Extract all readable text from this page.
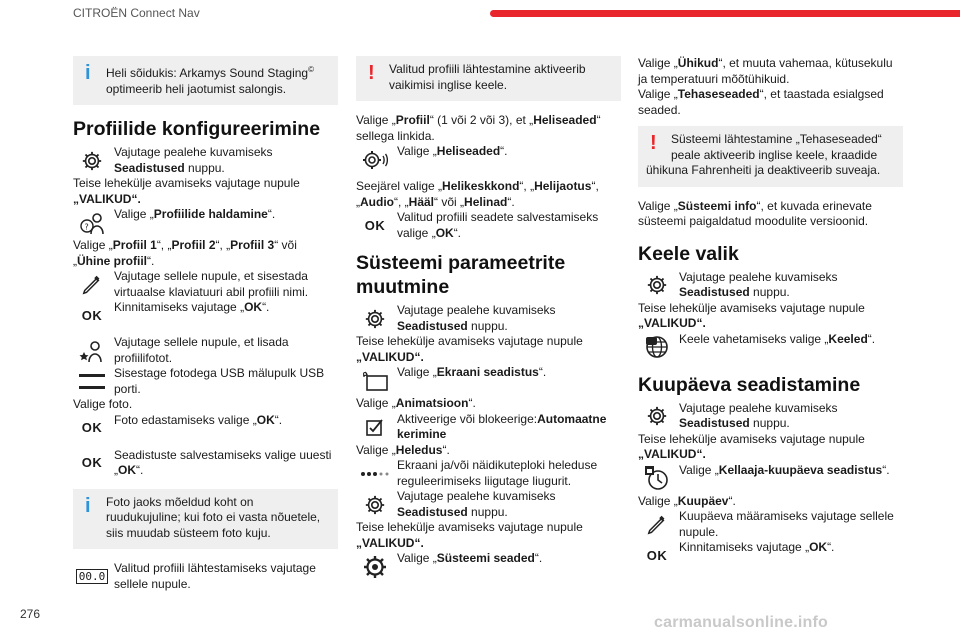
CITROËN Connect Nav
i Heli sõidukis: Arkamys Sound Staging©
optimeerib heli jaotumist salongis.

Profiilide konfigureerimine

Vajutage pealehe kuvamiseks
Seadistused nuppu.

Teise lehekülje avamiseks vajutage nupule
„VALIKUD“.

?

Valige „Profiilide haldamine“.

Valige „Profiil 1“, „Profiil 2“, „Profiil 3“ või
„Ühine profiil“.

Vajutage sellele nupule, et sisestada virtuaalse klaviatuuri abil profiili nimi.

OK

Kinnitamiseks vajutage „OK“.

Vajutage sellele nupule, et lisada profiilifotot.

Sisestage fotodega USB mälupulk USB porti.

Valige foto.

OK

Foto edastamiseks valige „OK“.

OK

Seadistuste salvestamiseks valige uuesti „OK“.

i	Foto jaoks mõeldud koht on

ruudukujuline; kui foto ei vasta nõuetele, siis muudab süsteem foto kuju.

00.0

Valitud profiili lähtestamiseks vajutage sellele nupule.

! Valitud profiili lähtestamine aktiveerib vaikimisi inglise keele.

Valige „Profiil“ (1 või 2 või 3), et „Heliseaded“ sellega linkida.

Valige „Heliseaded“.

Seejärel valige „Helikeskkond“, „Helijaotus“,
„Audio“, „Hääl“ või „Helinad“.

OK

Valitud profiili seadete salvestamiseks valige „OK“.

Süsteemi parameetrite muutmine

Vajutage pealehe kuvamiseks
Seadistused nuppu.

Teise lehekülje avamiseks vajutage nupule
„VALIKUD“.

Valige „Ekraani seadistus“.

Valige „Animatsioon“.

Aktiveerige või blokeerige:Automaatne kerimine

Valige „Heledus“.

Ekraani ja/või näidikuteploki heleduse reguleerimiseks liigutage liugurit.

Vajutage pealehe kuvamiseks
Seadistused nuppu.

Teise lehekülje avamiseks vajutage nupule
„VALIKUD“.

Valige „Süsteemi seaded“.

Valige „Ühikud“, et muuta vahemaa, kütusekulu ja temperatuuri mõõtühikuid.

Valige „Tehaseseaded“, et taastada esialgsed seaded.

!	Süsteemi lähtestamine „Tehaseseaded“ peale aktiveerib inglise keele, kraadide

ühikuna Fahrenheiti ja deaktiveerib suveaja.

Valige „Süsteemi info“, et kuvada erinevate süsteemi paigaldatud moodulite versioonid.

Keele valik

Vajutage pealehe kuvamiseks
Seadistused nuppu.

Teise lehekülje avamiseks vajutage nupule
„VALIKUD“.

Keele vahetamiseks valige „Keeled“.

Kuupäeva seadistamine

Vajutage pealehe kuvamiseks
Seadistused nuppu.

Teise lehekülje avamiseks vajutage nupule
„VALIKUD“.

Valige „Kellaaja-kuupäeva seadistus“.

Valige „Kuupäev“.

Kuupäeva määramiseks vajutage sellele nupule.

OK

Kinnitamiseks vajutage „OK“.

276	carmanualsonline.info
